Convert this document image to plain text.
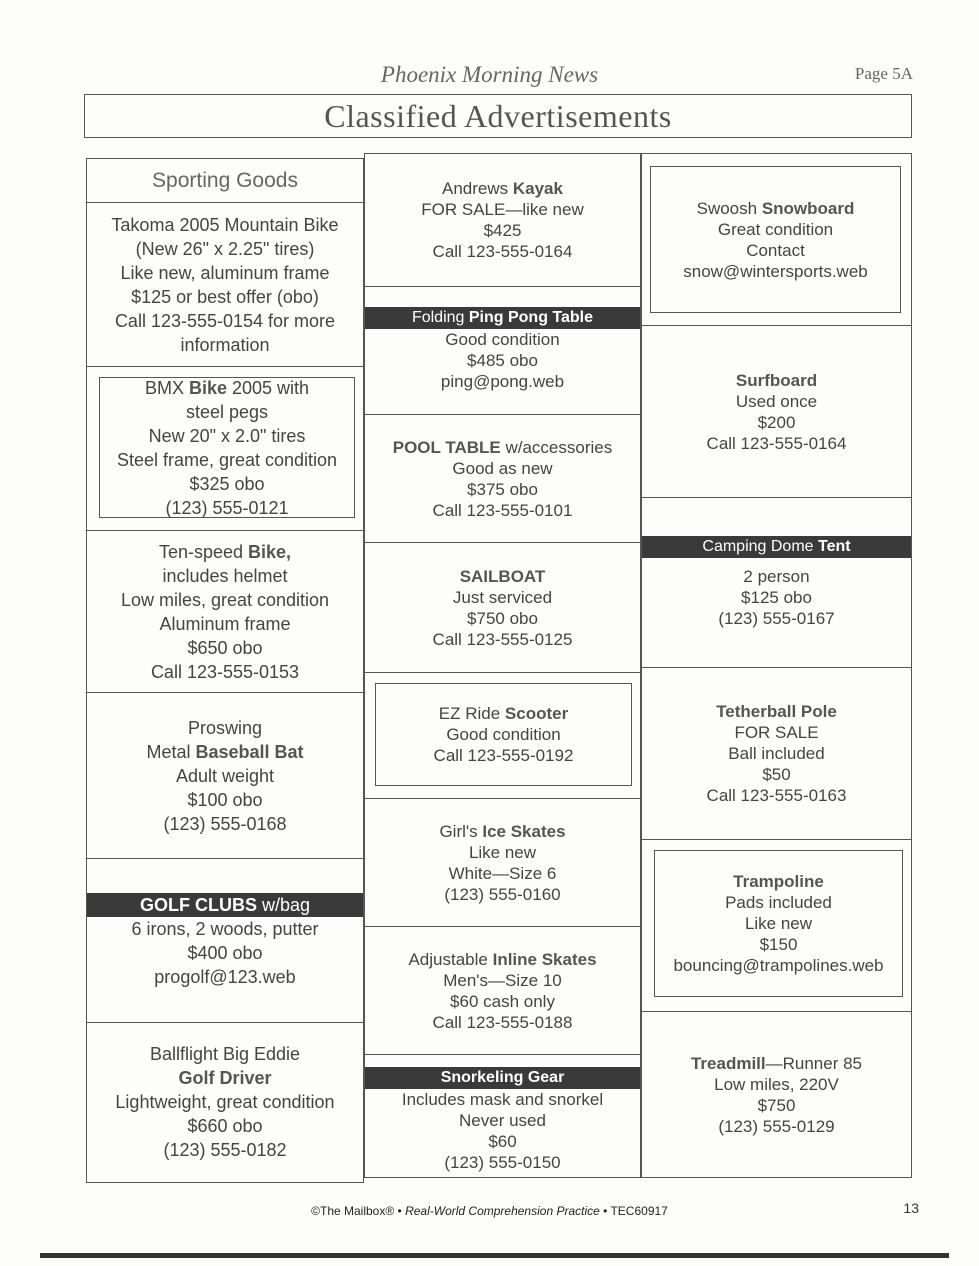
Phoenix Morning News	Page 5A
Classified Advertisements
Sporting Goods
Takoma 2005 Mountain Bike
(New 26" x 2.25" tires)
Like new, aluminum frame
$125 or best offer (obo)
Call 123-555-0154 for more
information
BMX Bike 2005 with
steel pegs
New 20" x 2.0" tires
Steel frame, great condition
$325 obo
(123) 555-0121
Ten-speed Bike,
includes helmet
Low miles, great condition
Aluminum frame
$650 obo
Call 123-555-0153
Proswing
Metal Baseball Bat
Adult weight
$100 obo
(123) 555-0168
GOLF CLUBS w/bag
6 irons, 2 woods, putter
$400 obo
progolf@123.web
Ballflight Big Eddie
Golf Driver
Lightweight, great condition
$660 obo
(123) 555-0182
Andrews Kayak
FOR SALE—like new
$425
Call 123-555-0164
Folding Ping Pong Table
Good condition
$485 obo
ping@pong.web
POOL TABLE w/accessories
Good as new
$375 obo
Call 123-555-0101
SAILBOAT
Just serviced
$750 obo
Call 123-555-0125
EZ Ride Scooter
Good condition
Call 123-555-0192
Girl's Ice Skates
Like new
White—Size 6
(123) 555-0160
Adjustable Inline Skates
Men's—Size 10
$60 cash only
Call 123-555-0188
Snorkeling Gear
Includes mask and snorkel
Never used
$60
(123) 555-0150
Swoosh Snowboard
Great condition
Contact
snow@wintersports.web
Surfboard
Used once
$200
Call 123-555-0164
Camping Dome Tent
2 person
$125 obo
(123) 555-0167
Tetherball Pole
FOR SALE
Ball included
$50
Call 123-555-0163
Trampoline
Pads included
Like new
$150
bouncing@trampolines.web
Treadmill—Runner 85
Low miles, 220V
$750
(123) 555-0129
©The Mailbox® • Real-World Comprehension Practice • TEC60917	13
